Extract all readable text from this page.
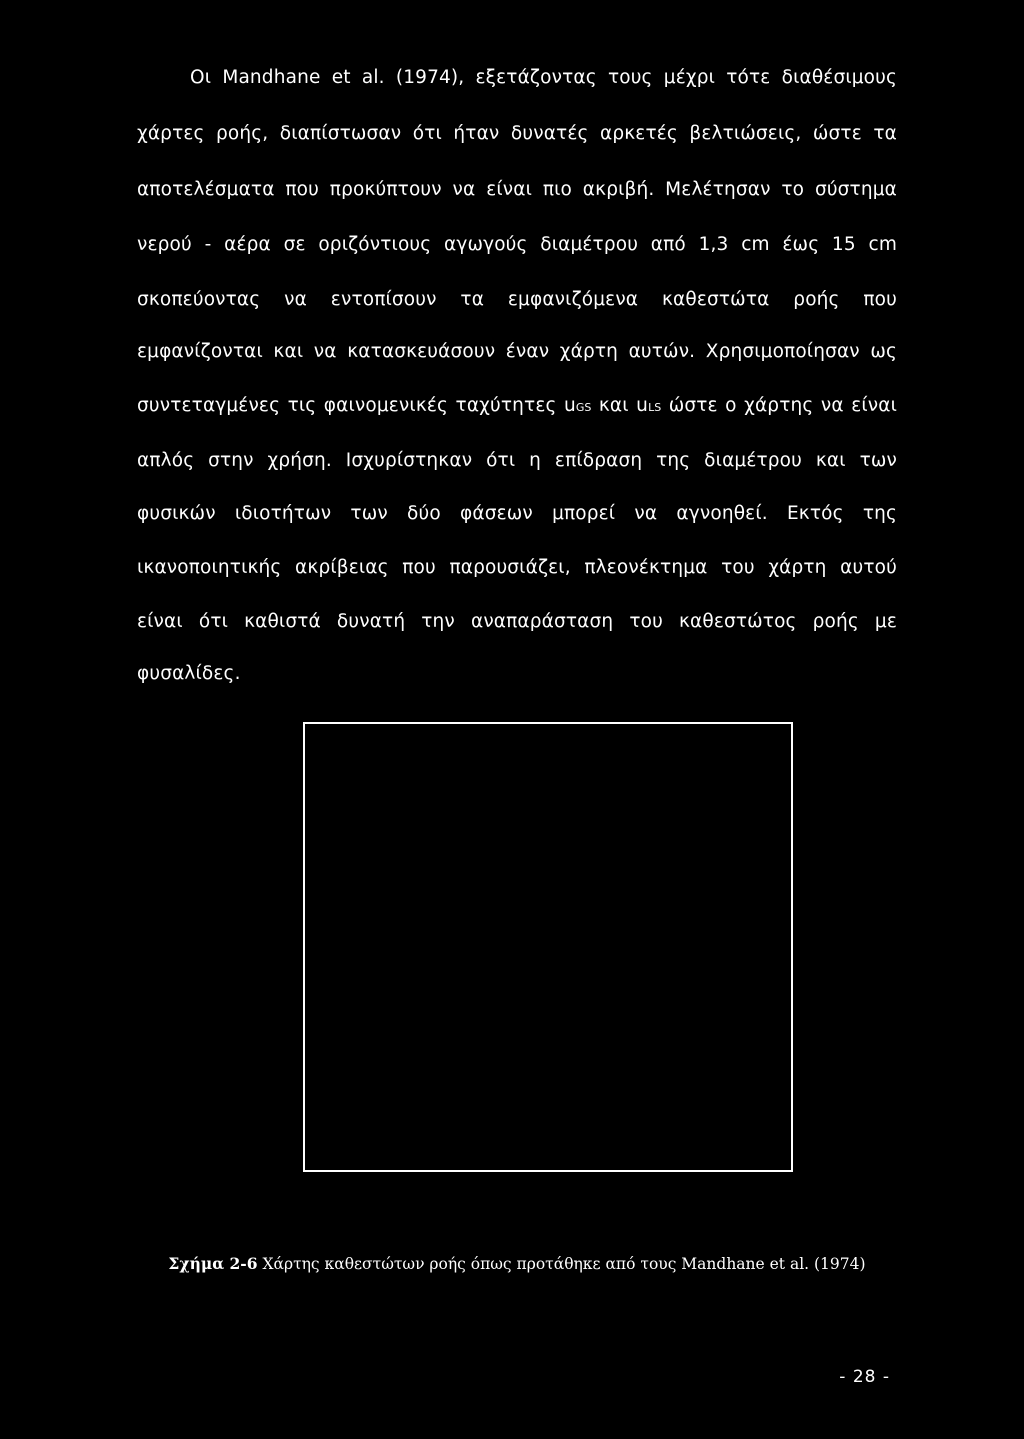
Οι Mandhane et al. (1974), εξετάζοντας τους μέχρι τότε διαθέσιμους
χάρτες ροής, διαπίστωσαν ότι ήταν δυνατές αρκετές βελτιώσεις, ώστε τα
αποτελέσματα που προκύπτουν να είναι πιο ακριβή. Μελέτησαν το σύστημα
νερού - αέρα σε οριζόντιους αγωγούς διαμέτρου από 1,3 cm έως 15 cm
σκοπεύοντας να εντοπίσουν τα εμφανιζόμενα καθεστώτα ροής που
εμφανίζονται και να κατασκευάσουν έναν χάρτη αυτών. Χρησιμοποίησαν ως
συντεταγμένες τις φαινομενικές ταχύτητες uGS και uLS ώστε ο χάρτης να είναι
απλός στην χρήση. Ισχυρίστηκαν ότι η επίδραση της διαμέτρου και των
φυσικών ιδιοτήτων των δύο φάσεων μπορεί να αγνοηθεί. Εκτός της
ικανοποιητικής ακρίβειας που παρουσιάζει, πλεονέκτημα του χάρτη αυτού
είναι ότι καθιστά δυνατή την αναπαράσταση του καθεστώτος ροής με
φυσαλίδες.
Σχήμα 2-6 Χάρτης καθεστώτων ροής όπως προτάθηκε από τους Mandhane et al. (1974)
- 28 -
